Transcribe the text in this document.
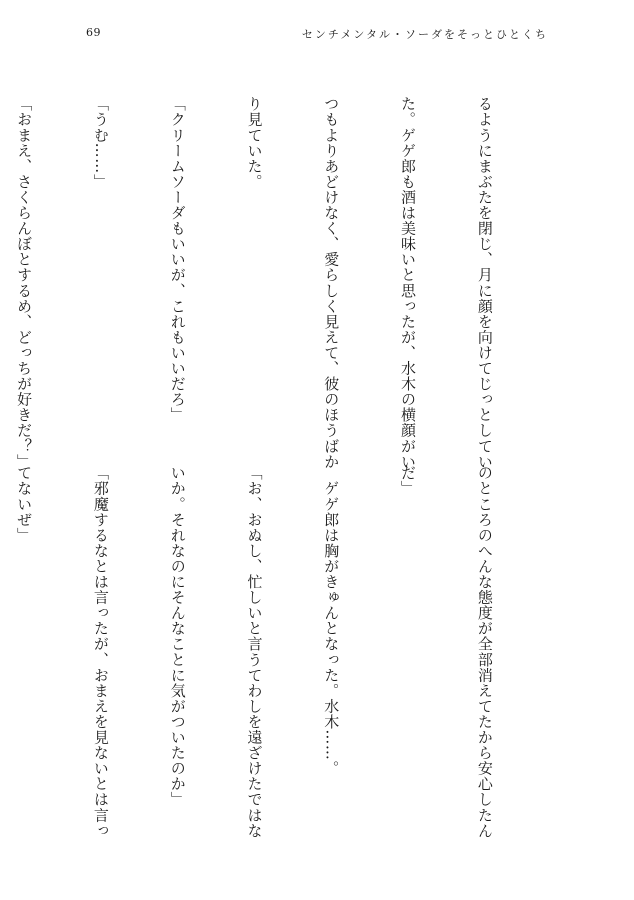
69	センチメンタル・ソーダをそっとひとくち

るようにまぶたを閉じ、月に顔を向けてじっとしてい

た。ゲゲ郎も酒は美味いと思ったが、水木の横顔がい

つもよりあどけなく、愛らしく見えて、彼のほうばか

り見ていた。

「クリームソーダもいいが、これもいいだろ」

「うむ……」

「おまえ、さくらんぼとするめ、どっちが好きだ？」

のところのへんな態度が全部消えてたから安心したん

だ」

　ゲゲ郎は胸がきゅんとなった。水木……。

「お、おぬし、忙しいと言うてわしを遠ざけたではな

いか。それなのにそんなことに気がついたのか」

「邪魔するなとは言ったが、おまえを見ないとは言っ

てないぜ」
